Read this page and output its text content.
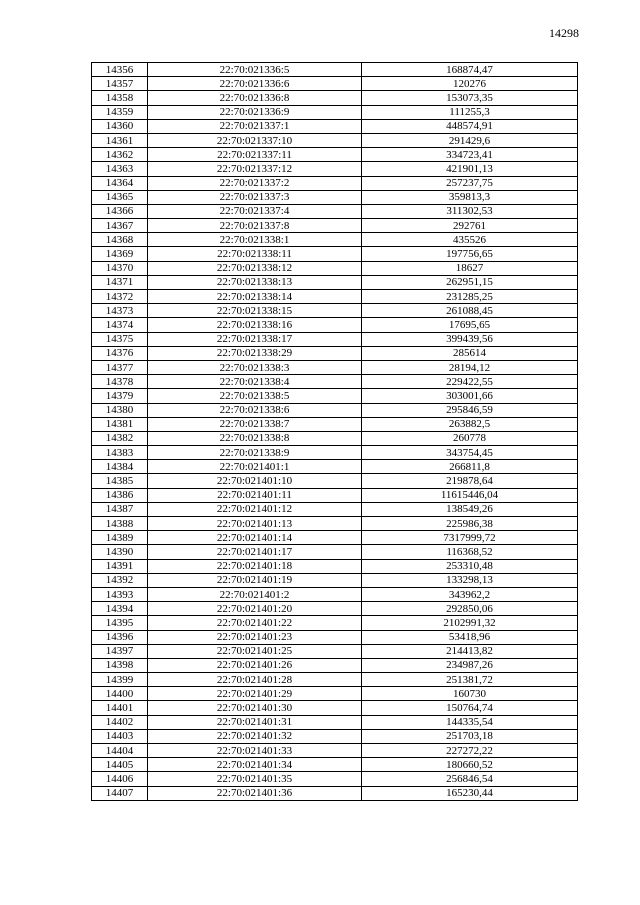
14298
14356	22:70:021336:5	168874,47
14357	22:70:021336:6	120276
14358	22:70:021336:8	153073,35
14359	22:70:021336:9	111255,3
14360	22:70:021337:1	448574,91
14361	22:70:021337:10	291429,6
14362	22:70:021337:11	334723,41
14363	22:70:021337:12	421901,13
14364	22:70:021337:2	257237,75
14365	22:70:021337:3	359813,3
14366	22:70:021337:4	311302,53
14367	22:70:021337:8	292761
14368	22:70:021338:1	435526
14369	22:70:021338:11	197756,65
14370	22:70:021338:12	18627
14371	22:70:021338:13	262951,15
14372	22:70:021338:14	231285,25
14373	22:70:021338:15	261088,45
14374	22:70:021338:16	17695,65
14375	22:70:021338:17	399439,56
14376	22:70:021338:29	285614
14377	22:70:021338:3	28194,12
14378	22:70:021338:4	229422,55
14379	22:70:021338:5	303001,66
14380	22:70:021338:6	295846,59
14381	22:70:021338:7	263882,5
14382	22:70:021338:8	260778
14383	22:70:021338:9	343754,45
14384	22:70:021401:1	266811,8
14385	22:70:021401:10	219878,64
14386	22:70:021401:11	11615446,04
14387	22:70:021401:12	138549,26
14388	22:70:021401:13	225986,38
14389	22:70:021401:14	7317999,72
14390	22:70:021401:17	116368,52
14391	22:70:021401:18	253310,48
14392	22:70:021401:19	133298,13
14393	22:70:021401:2	343962,2
14394	22:70:021401:20	292850,06
14395	22:70:021401:22	2102991,32
14396	22:70:021401:23	53418,96
14397	22:70:021401:25	214413,82
14398	22:70:021401:26	234987,26
14399	22:70:021401:28	251381,72
14400	22:70:021401:29	160730
14401	22:70:021401:30	150764,74
14402	22:70:021401:31	144335,54
14403	22:70:021401:32	251703,18
14404	22:70:021401:33	227272,22
14405	22:70:021401:34	180660,52
14406	22:70:021401:35	256846,54
14407	22:70:021401:36	165230,44
